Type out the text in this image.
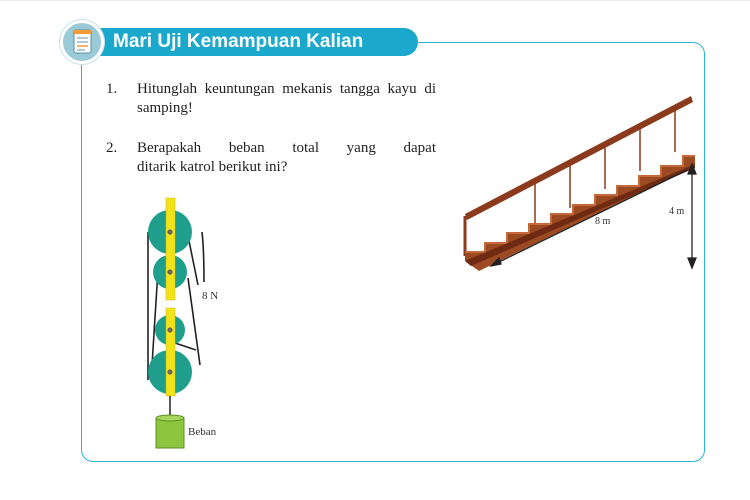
Mari Uji Kemampuan Kalian
1. Hitunglah keuntungan mekanis tangga kayu di samping!
2. Berapakah beban total yang dapat
ditarik katrol berikut ini?
8 N
Beban
8 m
4 m
